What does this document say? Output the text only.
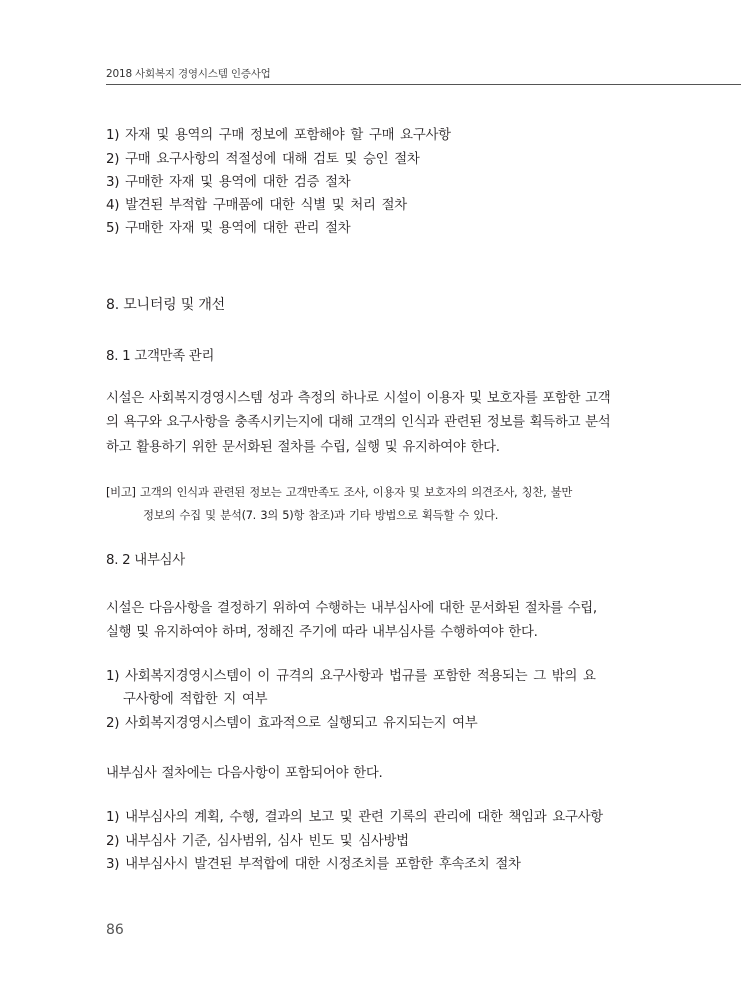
2018 사회복지 경영시스템 인증사업
1) 자재 및 용역의 구매 정보에 포함해야 할 구매 요구사항
2) 구매 요구사항의 적절성에 대해 검토 및 승인 절차
3) 구매한 자재 및 용역에 대한 검증 절차
4) 발견된 부적합 구매품에 대한 식별 및 처리 절차
5) 구매한 자재 및 용역에 대한 관리 절차
8. 모니터링 및 개선
8. 1 고객만족 관리
시설은 사회복지경영시스템 성과 측정의 하나로 시설이 이용자 및 보호자를 포함한 고객
의 욕구와 요구사항을 충족시키는지에 대해 고객의 인식과 관련된 정보를 획득하고 분석
하고 활용하기 위한 문서화된 절차를 수립, 실행 및 유지하여야 한다.
[비고] 고객의 인식과 관련된 정보는 고객만족도 조사, 이용자 및 보호자의 의견조사, 칭찬, 불만
정보의 수집 및 분석(7. 3의 5)항 참조)과 기타 방법으로 획득할 수 있다.
8. 2 내부심사
시설은 다음사항을 결정하기 위하여 수행하는 내부심사에 대한 문서화된 절차를 수립,
실행 및 유지하여야 하며, 정해진 주기에 따라 내부심사를 수행하여야 한다.
1) 사회복지경영시스템이 이 규격의 요구사항과 법규를 포함한 적용되는 그 밖의 요
구사항에 적합한 지 여부
2) 사회복지경영시스템이 효과적으로 실행되고 유지되는지 여부
내부심사 절차에는 다음사항이 포함되어야 한다.
1) 내부심사의 계획, 수행, 결과의 보고 및 관련 기록의 관리에 대한 책임과 요구사항
2) 내부심사 기준, 심사범위, 심사 빈도 및 심사방법
3) 내부심사시 발견된 부적합에 대한 시정조치를 포함한 후속조치 절차
86
